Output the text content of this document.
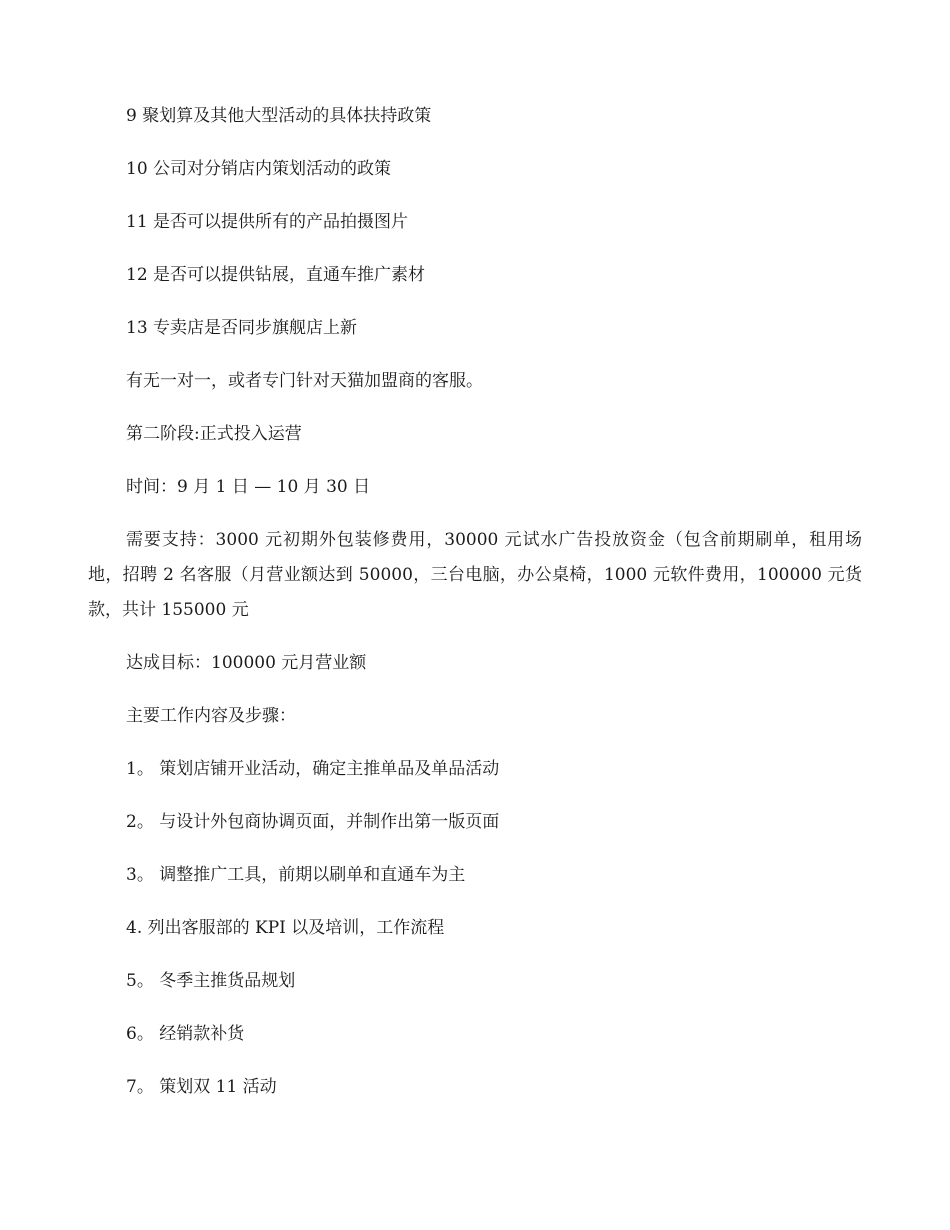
9 聚划算及其他大型活动的具体扶持政策

10 公司对分销店内策划活动的政策

11 是否可以提供所有的产品拍摄图片

12 是否可以提供钻展，直通车推广素材

13 专卖店是否同步旗舰店上新

有无一对一，或者专门针对天猫加盟商的客服。

第二阶段:正式投入运营

时间：9 月 1 日 — 10 月 30 日

需要支持：3000 元初期外包装修费用，30000 元试水广告投放资金（包含前期刷单，租用场地，招聘 2 名客服（月营业额达到 50000，三台电脑，办公桌椅，1000 元软件费用，100000 元货款，共计 155000 元

达成目标：100000 元月营业额

主要工作内容及步骤：

1。 策划店铺开业活动，确定主推单品及单品活动

2。 与设计外包商协调页面，并制作出第一版页面

3。 调整推广工具，前期以刷单和直通车为主

4. 列出客服部的 KPI 以及培训，工作流程

5。 冬季主推货品规划

6。 经销款补货

7。 策划双 11 活动
